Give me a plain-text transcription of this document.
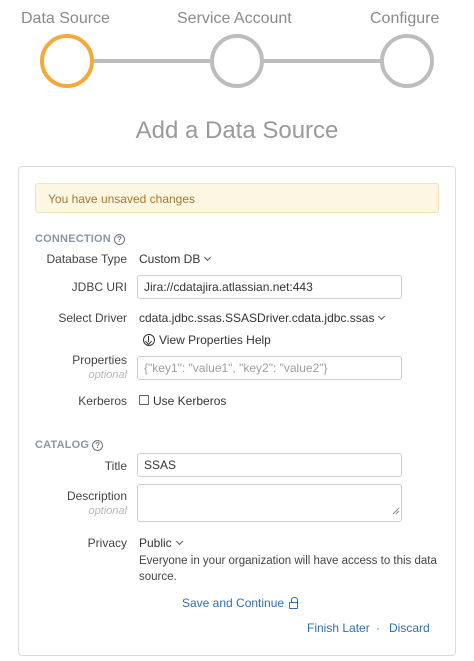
Data Source	Service Account	Configure
Add a Data Source
You have unsaved changes
CONNECTION ?
Database Type Custom DB
JDBC URI
Jira://cdatajira.atlassian.net:443
Select Driver cdata.jdbc.ssas.SSASDriver.cdata.jdbc.ssas
View Properties Help
Properties
optional
{"key1": "value1", "key2": "value2"}
Kerberos Use Kerberos
CATALOG ?
Title
SSAS
Description
optional
Privacy Public
Everyone in your organization will have access to this data source.
Save and Continue
Finish Later · Discard
